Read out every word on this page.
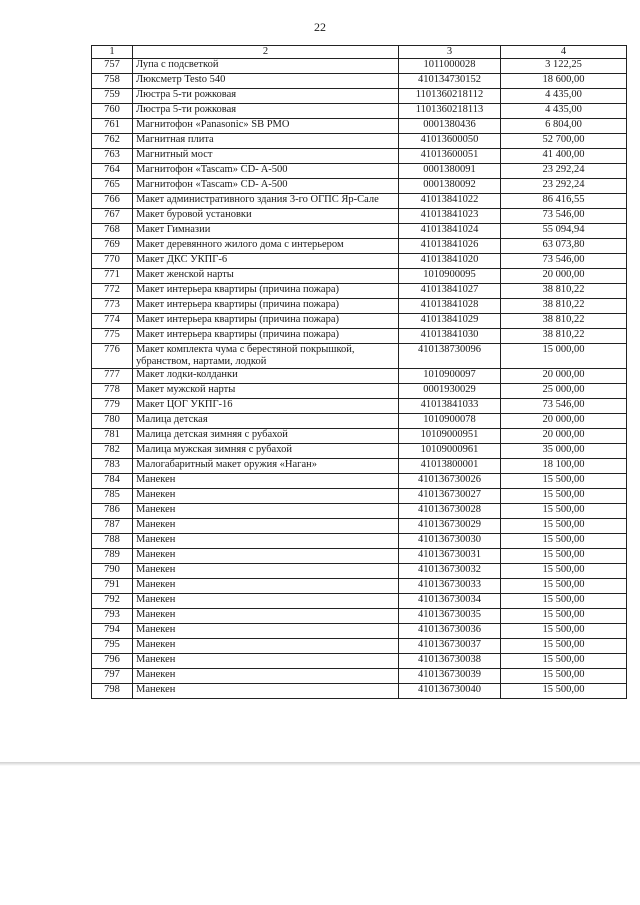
22
1	2	3	4
757	Лупа с подсветкой	1011000028	3 122,25
758	Люксметр Testo 540	410134730152	18 600,00
759	Люстра 5-ти рожковая	1101360218112	4 435,00
760	Люстра 5-ти рожковая	1101360218113	4 435,00
761	Магнитофон «Panasonic» SB PMO	0001380436	6 804,00
762	Магнитная плита	41013600050	52 700,00
763	Магнитный мост	41013600051	41 400,00
764	Магнитофон «Tascam» CD- A-500	0001380091	23 292,24
765	Магнитофон «Tascam» CD- A-500	0001380092	23 292,24
766	Макет административного здания 3-го ОГПС Яр-Сале	41013841022	86 416,55
767	Макет буровой установки	41013841023	73 546,00
768	Макет Гимназии	41013841024	55 094,94
769	Макет деревянного жилого дома с интерьером	41013841026	63 073,80
770	Макет ДКС УКПГ-6	41013841020	73 546,00
771	Макет женской нарты	1010900095	20 000,00
772	Макет интерьера квартиры (причина пожара)	41013841027	38 810,22
773	Макет интерьера квартиры (причина пожара)	41013841028	38 810,22
774	Макет интерьера квартиры (причина пожара)	41013841029	38 810,22
775	Макет интерьера квартиры (причина пожара)	41013841030	38 810,22
776	Макет комплекта чума с берестяной покрышкой, убранством, нартами, лодкой	410138730096	15 000,00
777	Макет лодки-колданки	1010900097	20 000,00
778	Макет мужской нарты	0001930029	25 000,00
779	Макет ЦОГ УКПГ-16	41013841033	73 546,00
780	Малица детская	1010900078	20 000,00
781	Малица детская зимняя с рубахой	10109000951	20 000,00
782	Малица мужская зимняя с рубахой	10109000961	35 000,00
783	Малогабаритный макет оружия «Наган»	41013800001	18 100,00
784	Манекен	410136730026	15 500,00
785	Манекен	410136730027	15 500,00
786	Манекен	410136730028	15 500,00
787	Манекен	410136730029	15 500,00
788	Манекен	410136730030	15 500,00
789	Манекен	410136730031	15 500,00
790	Манекен	410136730032	15 500,00
791	Манекен	410136730033	15 500,00
792	Манекен	410136730034	15 500,00
793	Манекен	410136730035	15 500,00
794	Манекен	410136730036	15 500,00
795	Манекен	410136730037	15 500,00
796	Манекен	410136730038	15 500,00
797	Манекен	410136730039	15 500,00
798	Манекен	410136730040	15 500,00
